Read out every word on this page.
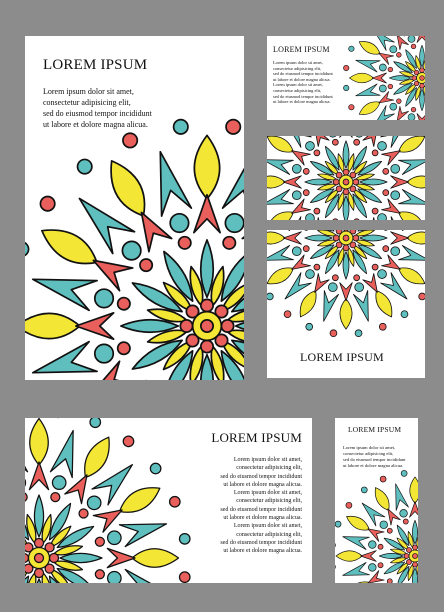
LOREM IPSUM
Lorem ipsum dolor sit amet,
consectetur adipisicing elit,
sed do eiusmod tempor incididunt
ut labore et dolore magna alicua.
LOREM IPSUM
Lorem ipsum dolor sit amet,
consectetur adipisicing elit,
sed do eiusmod tempor incididunt
ut labore et dolore magna alicua.
Lorem ipsum dolor sit amet,
consectetur adipisicing elit,
sed do eiusmod tempor incididunt
ut labore et dolore magna alicua.
LOREM IPSUM
LOREM IPSUM
Lorem ipsum dolor sit amet,
consectetur adipisicing elit,
sed do eiusmod tempor incididunt
ut labore et dolore magna alicua.
Lorem ipsum dolor sit amet,
consectetur adipisicing elit,
sed do eiusmod tempor incididunt
ut labore et dolore magna alicua.
Lorem ipsum dolor sit amet,
consectetur adipisicing elit,
sed do eiusmod tempor incididunt
ut labore et dolore magna alicua.
LOREM IPSUM
Lorem ipsum dolor sit amet,
consectetur adipisicing elit,
sed do eiusmod tempor incididunt
ut labore et dolore magna alicua.
